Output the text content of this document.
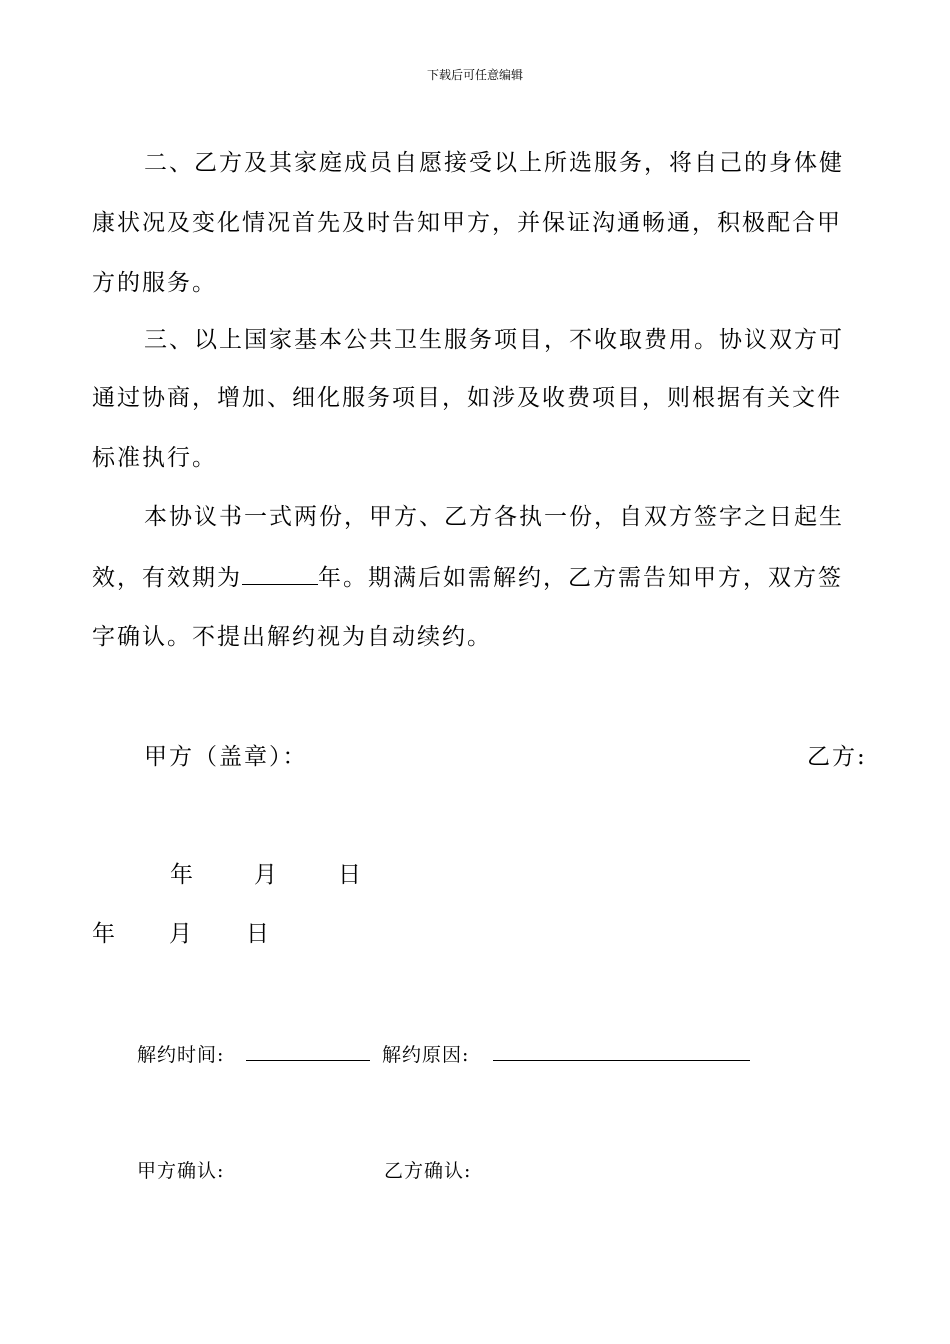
下载后可任意编辑
二、乙方及其家庭成员自愿接受以上所选服务，将自己的身体健
康状况及变化情况首先及时告知甲方，并保证沟通畅通，积极配合甲
方的服务。
三、以上国家基本公共卫生服务项目，不收取费用。协议双方可
通过协商，增加、细化服务项目，如涉及收费项目，则根据有关文件
标准执行。
本协议书一式两份，甲方、乙方各执一份，自双方签字之日起生
效，有效期为	年。期满后如需解约，乙方需告知甲方，双方签
字确认。不提出解约视为自动续约。
甲方（盖章）：	乙方:
年	月	日
年 月 日
解约时间:	解约原因:
甲方确认:	乙方确认:
